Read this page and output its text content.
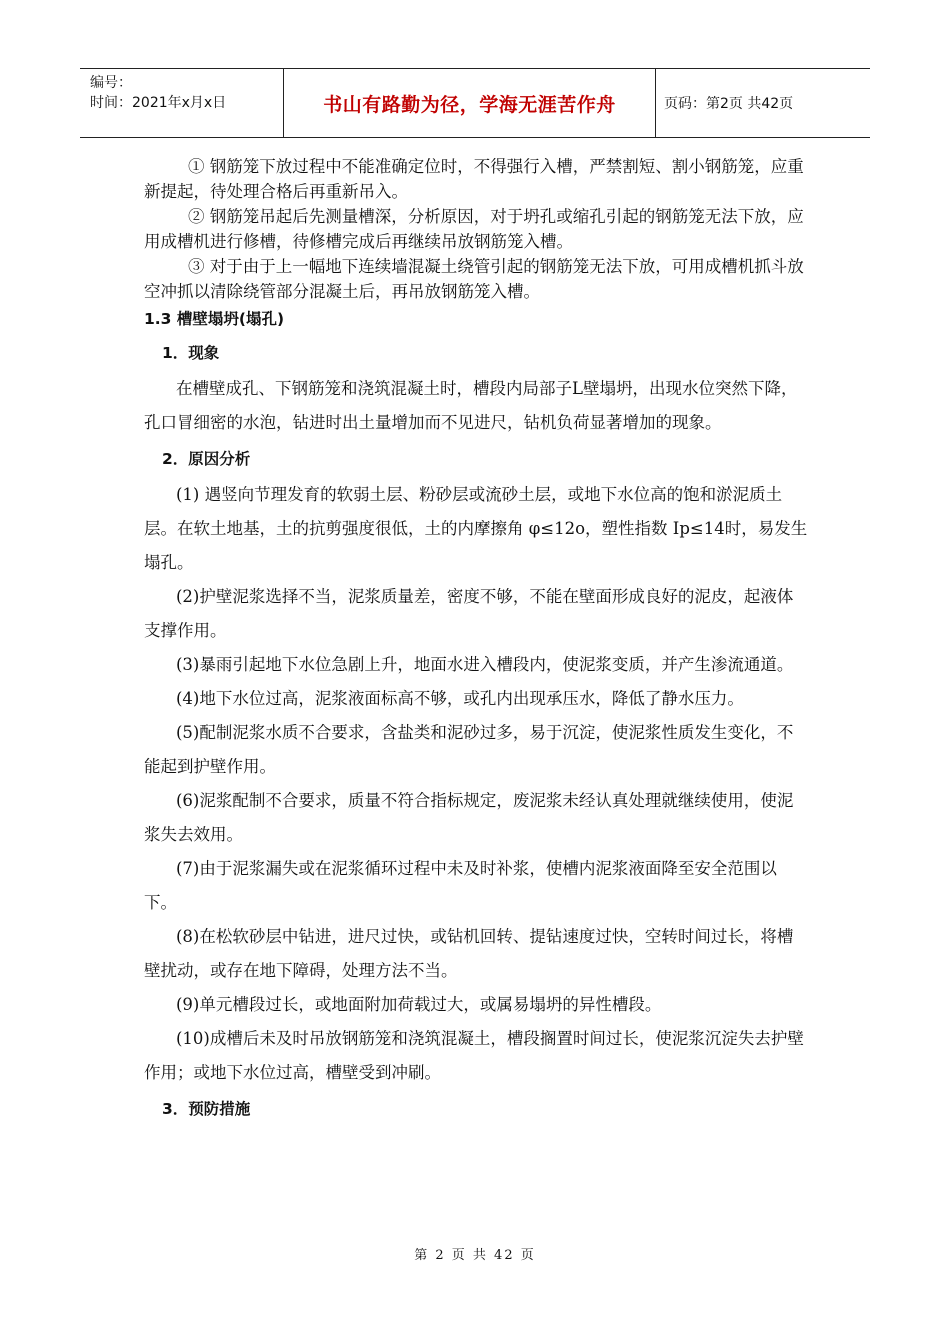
编号：
时间：2021年x月x日	书山有路勤为径，学海无涯苦作舟	页码：第2页 共42页

① 钢筋笼下放过程中不能准确定位时，不得强行入槽，严禁割短、割小钢筋笼，应重新提起，待处理合格后再重新吊入。

② 钢筋笼吊起后先测量槽深，分析原因，对于坍孔或缩孔引起的钢筋笼无法下放，应用成槽机进行修槽，待修槽完成后再继续吊放钢筋笼入槽。

③ 对于由于上一幅地下连续墙混凝土绕管引起的钢筋笼无法下放，可用成槽机抓斗放空冲抓以清除绕管部分混凝土后，再吊放钢筋笼入槽。

1.3 槽壁塌坍(塌孔)

1．现象

在槽壁成孔、下钢筋笼和浇筑混凝土时，槽段内局部子L壁塌坍，出现水位突然下降，孔口冒细密的水泡，钻进时出土量增加而不见进尺，钻机负荷显著增加的现象。

2．原因分析

(1) 遇竖向节理发育的软弱土层、粉砂层或流砂土层，或地下水位高的饱和淤泥质土层。在软土地基，土的抗剪强度很低，土的内摩擦角 φ≤12o，塑性指数 Ip≤14时，易发生塌孔。

(2)护壁泥浆选择不当，泥浆质量差，密度不够，不能在壁面形成良好的泥皮，起液体支撑作用。

(3)暴雨引起地下水位急剧上升，地面水进入槽段内，使泥浆变质，并产生渗流通道。

(4)地下水位过高，泥浆液面标高不够，或孔内出现承压水，降低了静水压力。

(5)配制泥浆水质不合要求，含盐类和泥砂过多，易于沉淀，使泥浆性质发生变化，不能起到护壁作用。

(6)泥浆配制不合要求，质量不符合指标规定，废泥浆未经认真处理就继续使用，使泥浆失去效用。

(7)由于泥浆漏失或在泥浆循环过程中未及时补浆，使槽内泥浆液面降至安全范围以下。

(8)在松软砂层中钻进，进尺过快，或钻机回转、提钻速度过快，空转时间过长，将槽壁扰动，或存在地下障碍，处理方法不当。

(9)单元槽段过长，或地面附加荷载过大，或属易塌坍的异性槽段。

(10)成槽后未及时吊放钢筋笼和浇筑混凝土，槽段搁置时间过长，使泥浆沉淀失去护壁作用；或地下水位过高，槽壁受到冲刷。

3．预防措施

第 2 页 共 42 页
